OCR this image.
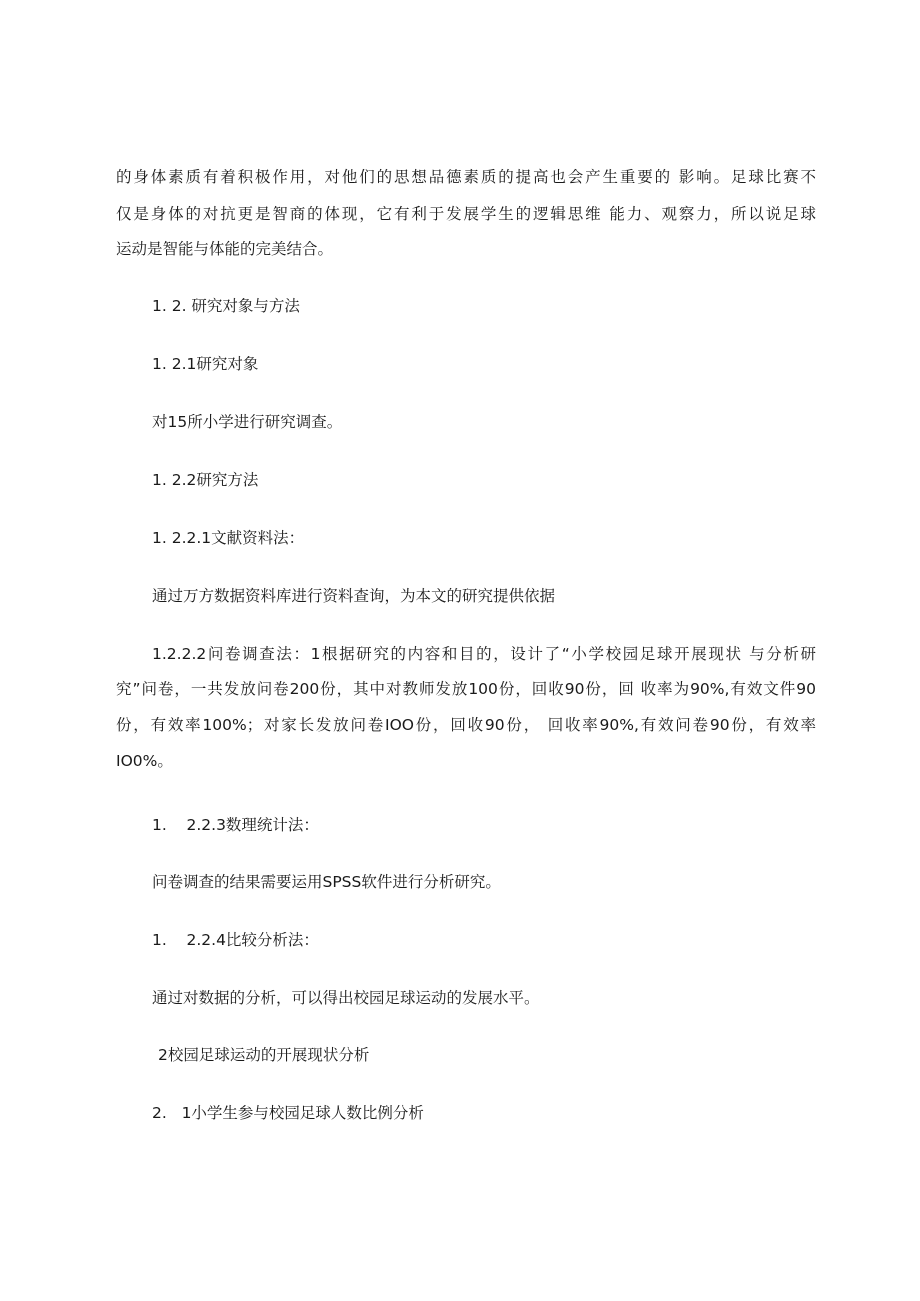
的身体素质有着积极作用，对他们的思想品德素质的提高也会产生重要的 影响。足球比赛不
仅是身体的对抗更是智商的体现，它有利于发展学生的逻辑思维 能力、观察力，所以说足球
运动是智能与体能的完美结合。
1. 2. 研究对象与方法
1. 2.1研究对象
对15所小学进行研究调查。
1. 2.2研究方法
1. 2.2.1文献资料法：
通过万方数据资料库进行资料查询，为本文的研究提供依据
1.2.2.2问卷调查法：1根据研究的内容和目的，设计了“小学校园足球开展现状 与分析研
究”问卷，一共发放问卷200份，其中对教师发放100份，回收90份，回 收率为90%,有效文件90
份，有效率100%；对家长发放问卷IOO份，回收90份， 回收率90%,有效问卷90份，有效率
IO0%。
1.    2.2.3数理统计法：
问卷调查的结果需要运用SPSS软件进行分析研究。
1.    2.2.4比较分析法：
通过对数据的分析，可以得出校园足球运动的发展水平。
2校园足球运动的开展现状分析
2.   1小学生参与校园足球人数比例分析
